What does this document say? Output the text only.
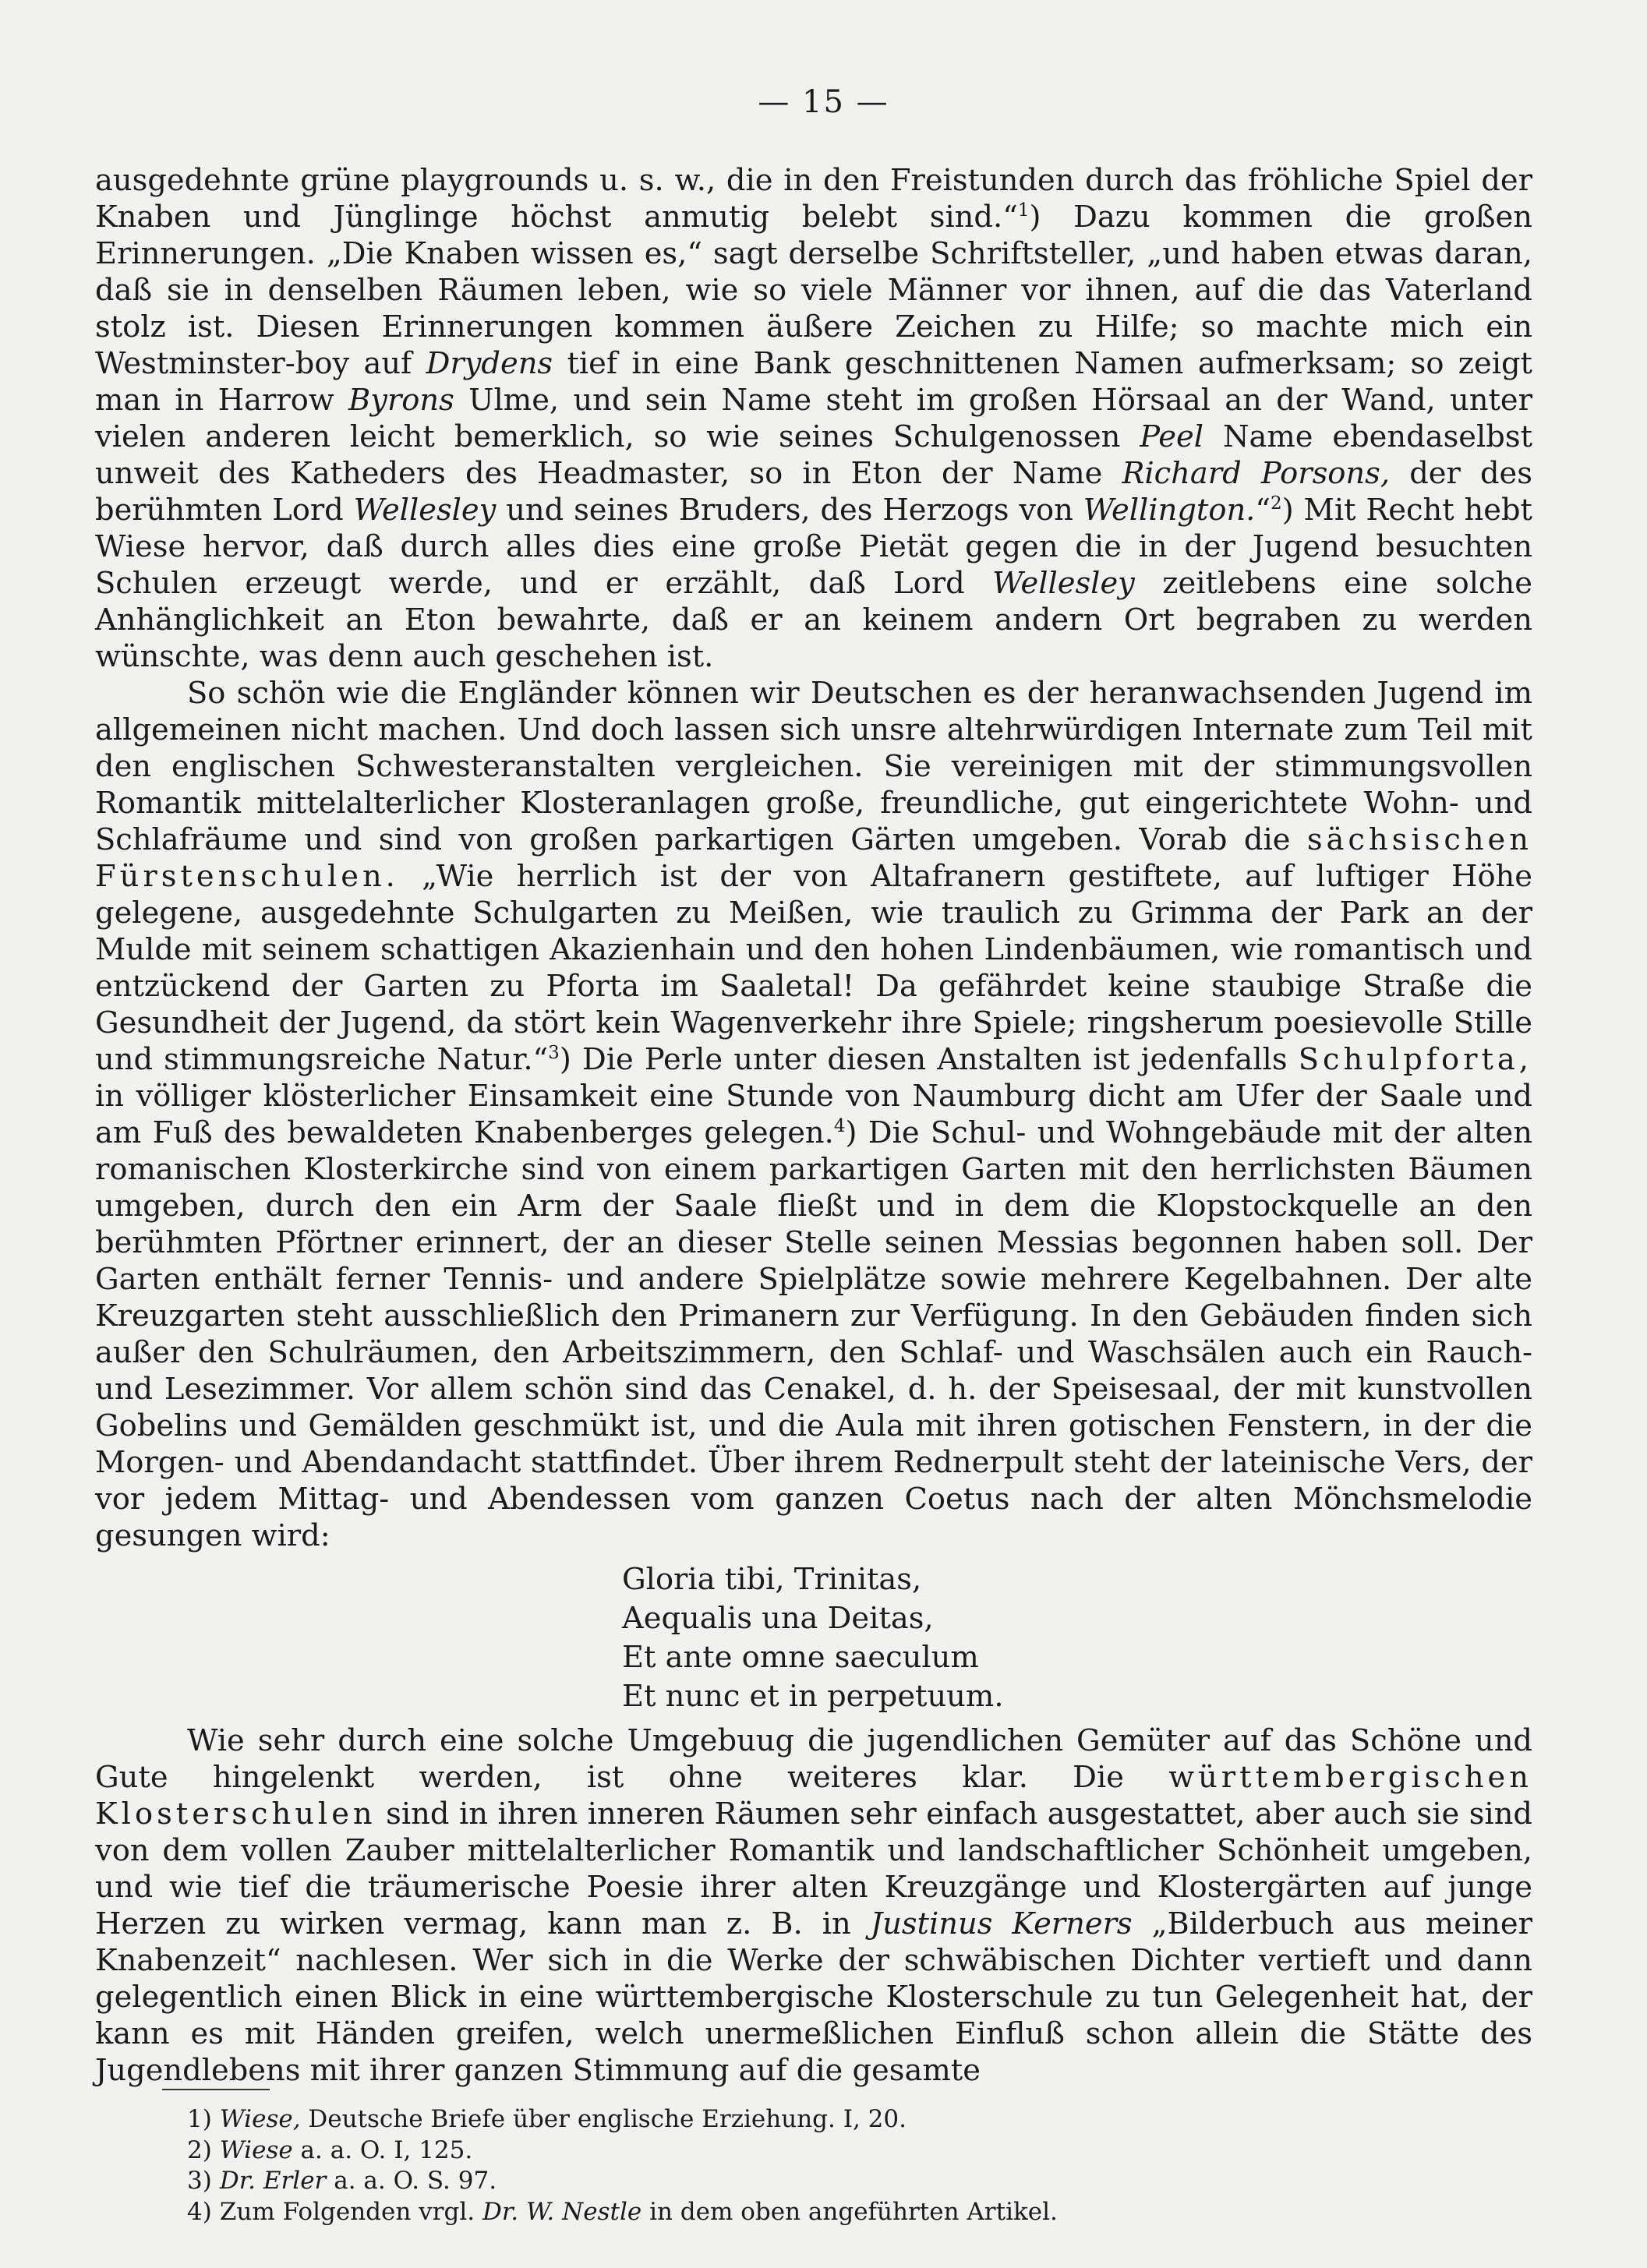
— 15 —

ausgedehnte grüne playgrounds u. s. w., die in den Freistunden durch das fröhliche Spiel der Knaben und Jünglinge höchst anmutig belebt sind.“$^1$) Dazu kommen die großen Erinnerungen. „Die Knaben wissen es,“ sagt derselbe Schriftsteller, „und haben etwas daran, daß sie in denselben Räumen leben, wie so viele Männer vor ihnen, auf die das Vaterland stolz ist. Diesen Erinnerungen kommen äußere Zeichen zu Hilfe; so machte mich ein Westminster-boy auf Drydens tief in eine Bank geschnittenen Namen aufmerksam; so zeigt man in Harrow Byrons Ulme, und sein Name steht im großen Hörsaal an der Wand, unter vielen anderen leicht bemerklich, so wie seines Schulgenossen Peel Name ebendaselbst unweit des Katheders des Headmaster, so in Eton der Name Richard Porsons, der des berühmten Lord Wellesley und seines Bruders, des Herzogs von Wellington.“$^2$) Mit Recht hebt Wiese hervor, daß durch alles dies eine große Pietät gegen die in der Jugend besuchten Schulen erzeugt werde, und er erzählt, daß Lord Wellesley zeitlebens eine solche Anhänglichkeit an Eton bewahrte, daß er an keinem andern Ort begraben zu werden wünschte, was denn auch geschehen ist.

So schön wie die Engländer können wir Deutschen es der heranwachsenden Jugend im allgemeinen nicht machen. Und doch lassen sich unsre altehrwürdigen Internate zum Teil mit den englischen Schwesteranstalten vergleichen. Sie vereinigen mit der stimmungsvollen Romantik mittelalterlicher Klosteranlagen große, freundliche, gut eingerichtete Wohn- und Schlafräume und sind von großen parkartigen Gärten umgeben. Vorab die sächsischen Fürstenschulen. „Wie herrlich ist der von Altafranern gestiftete, auf luftiger Höhe gelegene, ausgedehnte Schulgarten zu Meißen, wie traulich zu Grimma der Park an der Mulde mit seinem schattigen Akazienhain und den hohen Lindenbäumen, wie romantisch und entzückend der Garten zu Pforta im Saaletal! Da gefährdet keine staubige Straße die Gesundheit der Jugend, da stört kein Wagenverkehr ihre Spiele; ringsherum poesievolle Stille und stimmungsreiche Natur.“$^3$) Die Perle unter diesen Anstalten ist jedenfalls Schulpforta, in völliger klösterlicher Einsamkeit eine Stunde von Naumburg dicht am Ufer der Saale und am Fuß des bewaldeten Knabenberges gelegen.$^4$) Die Schul- und Wohngebäude mit der alten romanischen Klosterkirche sind von einem parkartigen Garten mit den herrlichsten Bäumen umgeben, durch den ein Arm der Saale fließt und in dem die Klopstockquelle an den berühmten Pförtner erinnert, der an dieser Stelle seinen Messias begonnen haben soll. Der Garten enthält ferner Tennis- und andere Spielplätze sowie mehrere Kegelbahnen. Der alte Kreuzgarten steht ausschließlich den Primanern zur Verfügung. In den Gebäuden finden sich außer den Schulräumen, den Arbeitszimmern, den Schlaf- und Waschsälen auch ein Rauch- und Lesezimmer. Vor allem schön sind das Cenakel, d. h. der Speisesaal, der mit kunstvollen Gobelins und Gemälden geschmükt ist, und die Aula mit ihren gotischen Fenstern, in der die Morgen- und Abendandacht stattfindet. Über ihrem Rednerpult steht der lateinische Vers, der vor jedem Mittag- und Abendessen vom ganzen Coetus nach der alten Mönchsmelodie gesungen wird:

Gloria tibi, Trinitas,
Aequalis una Deitas,
Et ante omne saeculum
Et nunc et in perpetuum.

Wie sehr durch eine solche Umgebuug die jugendlichen Gemüter auf das Schöne und Gute hingelenkt werden, ist ohne weiteres klar. Die württembergischen Klosterschulen sind in ihren inneren Räumen sehr einfach ausgestattet, aber auch sie sind von dem vollen Zauber mittelalterlicher Romantik und landschaftlicher Schönheit umgeben, und wie tief die träumerische Poesie ihrer alten Kreuzgänge und Klostergärten auf junge Herzen zu wirken vermag, kann man z. B. in Justinus Kerners „Bilderbuch aus meiner Knabenzeit“ nachlesen. Wer sich in die Werke der schwäbischen Dichter vertieft und dann gelegentlich einen Blick in eine württembergische Klosterschule zu tun Gelegenheit hat, der kann es mit Händen greifen, welch unermeßlichen Einfluß schon allein die Stätte des Jugendlebens mit ihrer ganzen Stimmung auf die gesamte

1) Wiese, Deutsche Briefe über englische Erziehung. I, 20.
2) Wiese a. a. O. I, 125.
3) Dr. Erler a. a. O. S. 97.
4) Zum Folgenden vrgl. Dr. W. Nestle in dem oben angeführten Artikel.
